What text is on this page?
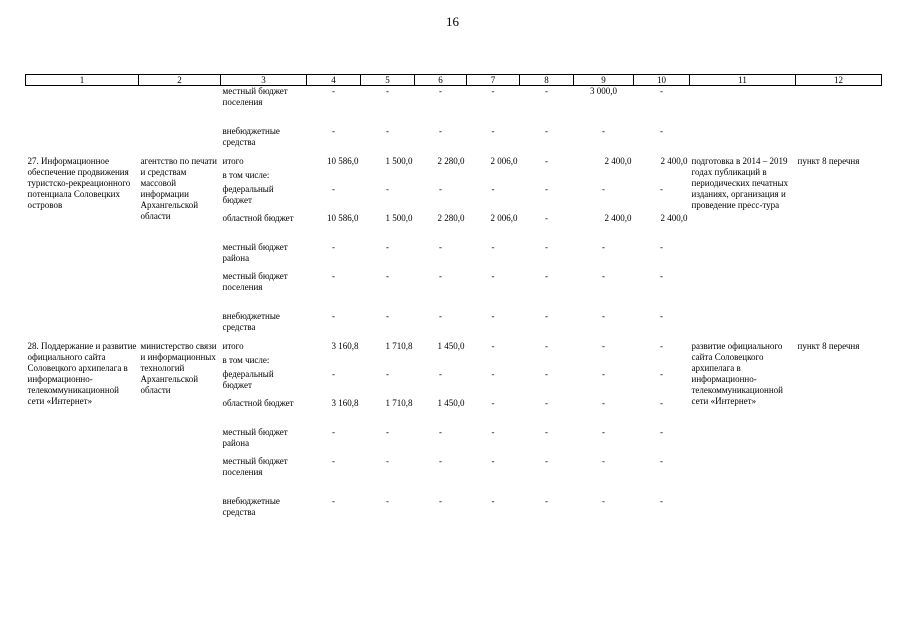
16
1	2	3	4	5	6	7	8	9	10	11	12
		местный бюджет поселения	-	-	-	-	-	3 000,0	-		
		внебюджетные средства	-	-	-	-	-	-	-		
27. Информационное обеспечение продвижения туристско-рекреационного потенциала Соловецких островов	агентство по печати и средствам массовой информации Архангельской области	итого	10 586,0	1 500,0	2 280,0	2 006,0	-	2 400,0	2 400,0	подготовка в 2014 – 2019 годах публикаций в периодических печатных изданиях, организация и проведение пресс-тура	пункт 8 перечня
		в том числе:									
		федеральный бюджет	-	-	-	-	-	-	-		
		областной бюджет	10 586,0	1 500,0	2 280,0	2 006,0	-	2 400,0	2 400,0		
		местный бюджет района	-	-	-	-	-	-	-		
		местный бюджет поселения	-	-	-	-	-	-	-		
		внебюджетные средства	-	-	-	-	-	-	-		
28. Поддержание и развитие официального сайта Соловецкого архипелага в информационно-телекоммуникационной сети «Интернет»	министерство связи и информационных технологий Архангельской области	итого	3 160,8	1 710,8	1 450,0	-	-	-	-	развитие официального сайта Соловецкого архипелага в информационно-телекоммуникационной сети «Интернет»	пункт 8 перечня
		в том числе:									
		федеральный бюджет	-	-	-	-	-	-	-		
		областной бюджет	3 160,8	1 710,8	1 450,0	-	-	-	-		
		местный бюджет района	-	-	-	-	-	-	-		
		местный бюджет поселения	-	-	-	-	-	-	-		
		внебюджетные средства	-	-	-	-	-	-	-		
